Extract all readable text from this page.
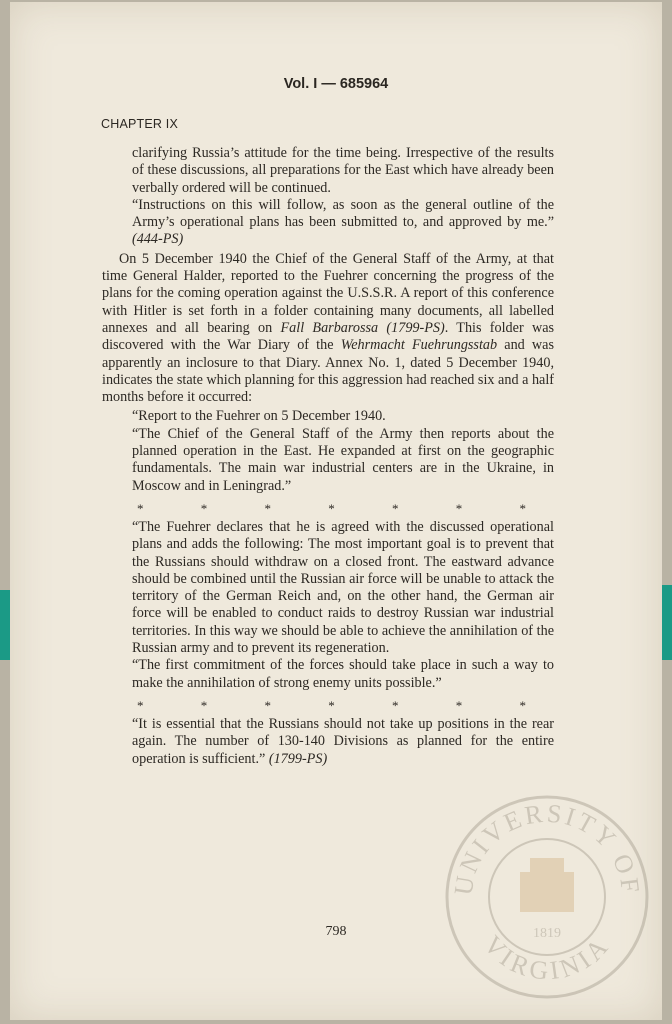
Vol. I — 685964
CHAPTER IX

clarifying Russia’s attitude for the time being. Irrespective of the results of these discussions, all preparations for the East which have already been verbally ordered will be continued.

“Instructions on this will follow, as soon as the general outline of the Army’s operational plans has been submitted to, and approved by me.” (444-PS)

On 5 December 1940 the Chief of the General Staff of the Army, at that time General Halder, reported to the Fuehrer concerning the progress of the plans for the coming operation against the U.S.S.R. A report of this conference with Hitler is set forth in a folder containing many documents, all labelled annexes and all bearing on Fall Barbarossa (1799-PS). This folder was discovered with the War Diary of the Wehrmacht Fuehrungsstab and was apparently an inclosure to that Diary. Annex No. 1, dated 5 December 1940, indicates the state which planning for this aggression had reached six and a half months before it occurred:

“Report to the Fuehrer on 5 December 1940.

“The Chief of the General Staff of the Army then reports about the planned operation in the East. He expanded at first on the geographic fundamentals. The main war industrial centers are in the Ukraine, in Moscow and in Leningrad.”

*	*	*	*	*	*	*

“The Fuehrer declares that he is agreed with the discussed operational plans and adds the following: The most important goal is to prevent that the Russians should withdraw on a closed front. The eastward advance should be combined until the Russian air force will be unable to attack the territory of the German Reich and, on the other hand, the German air force will be enabled to conduct raids to destroy Russian war industrial territories. In this way we should be able to achieve the annihilation of the Russian army and to prevent its regeneration.

“The first commitment of the forces should take place in such a way to make the annihilation of strong enemy units possible.”

*	*	*	*	*	*	*

“It is essential that the Russians should not take up positions in the rear again. The number of 130-140 Divisions as planned for the entire operation is sufficient.” (1799-PS)

798
UNIVERSITY OF
VIRGINIA
1819
